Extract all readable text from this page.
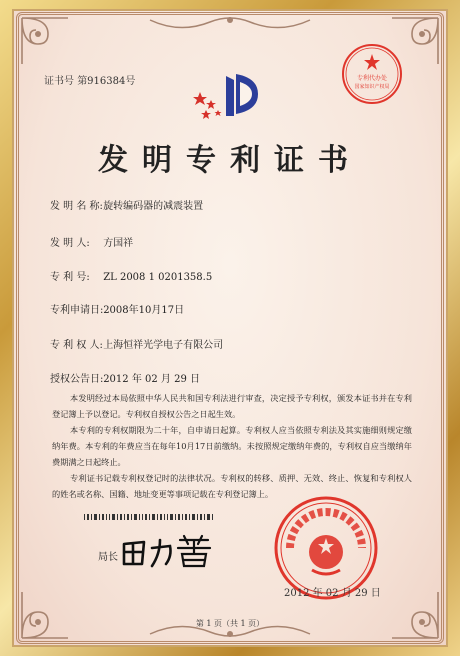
证书号 第916384号	专利代办处
国家知识产权局
发明专利证书
发 明 名 称: 旋转编码器的减震装置
发 明 人: 方国祥
专 利 号: ZL 2008 1 0201358.5
专利申请日: 2008年10月17日
专 利 权 人: 上海恒祥光学电子有限公司
授权公告日: 2012 年 02 月 29 日
本发明经过本局依照中华人民共和国专利法进行审查，决定授予专利权，颁发本证书并在专利登记簿上予以登记。专利权自授权公告之日起生效。
本专利的专利权期限为二十年，自申请日起算。专利权人应当依照专利法及其实施细则规定缴纳年费。本专利的年费应当在每年10月17日前缴纳。未按照规定缴纳年费的，专利权自应当缴纳年费期满之日起终止。
专利证书记载专利权登记时的法律状况。专利权的转移、质押、无效、终止、恢复和专利权人的姓名或名称、国籍、地址变更等事项记载在专利登记簿上。
局长
2012 年 02 月 29 日
第 1 页（共 1 页）
